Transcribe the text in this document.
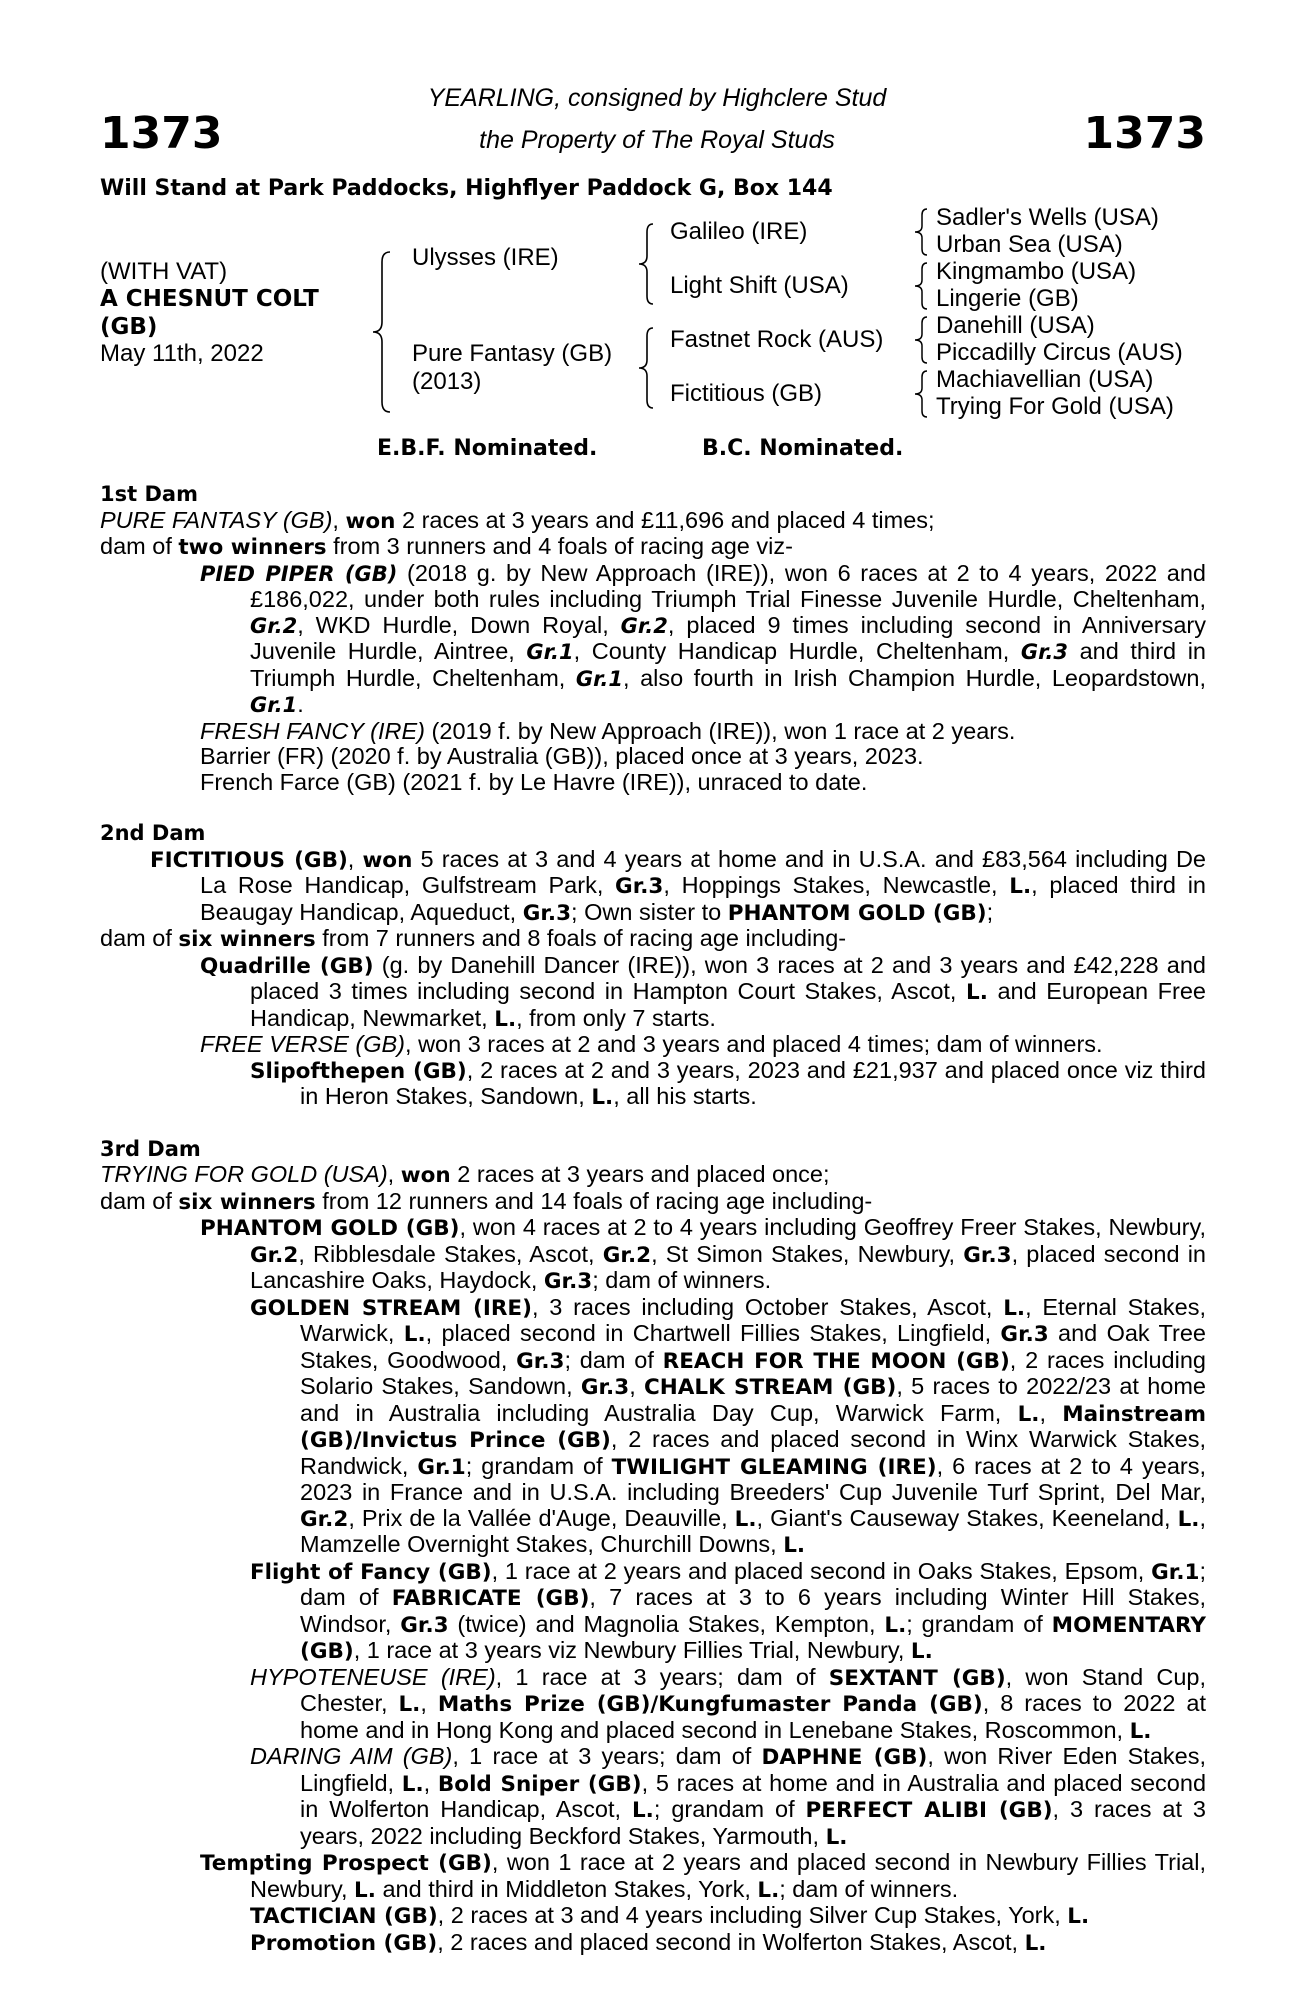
1373	1373
YEARLING, consigned by Highclere Stud
the Property of The Royal Studs
Will Stand at Park Paddocks, Highflyer Paddock G, Box 144
(WITH VAT)
A CHESNUT COLT
(GB)
May 11th, 2022
Ulysses (IRE)
Pure Fantasy (GB)
(2013)
Galileo (IRE)
Light Shift (USA)
Fastnet Rock (AUS)
Fictitious (GB)
Sadler's Wells (USA)
Urban Sea (USA)
Kingmambo (USA)
Lingerie (GB)
Danehill (USA)
Piccadilly Circus (AUS)
Machiavellian (USA)
Trying For Gold (USA)
E.B.F. Nominated.	B.C. Nominated.
1st Dam

PURE FANTASY (GB), won 2 races at 3 years and £11,696 and placed 4 times;

dam of two winners from 3 runners and 4 foals of racing age viz-

PIED PIPER (GB) (2018 g. by New Approach (IRE)), won 6 races at 2 to 4 years, 2022 and £186,022, under both rules including Triumph Trial Finesse Juvenile Hurdle, Cheltenham, Gr.2, WKD Hurdle, Down Royal, Gr.2, placed 9 times including second in Anniversary Juvenile Hurdle, Aintree, Gr.1, County Handicap Hurdle, Cheltenham, Gr.3 and third in Triumph Hurdle, Cheltenham, Gr.1, also fourth in Irish Champion Hurdle, Leopardstown, Gr.1.

FRESH FANCY (IRE) (2019 f. by New Approach (IRE)), won 1 race at 2 years.

Barrier (FR) (2020 f. by Australia (GB)), placed once at 3 years, 2023.

French Farce (GB) (2021 f. by Le Havre (IRE)), unraced to date.

2nd Dam

FICTITIOUS (GB), won 5 races at 3 and 4 years at home and in U.S.A. and £83,564 including De La Rose Handicap, Gulfstream Park, Gr.3, Hoppings Stakes, Newcastle, L., placed third in Beaugay Handicap, Aqueduct, Gr.3; Own sister to PHANTOM GOLD (GB);

dam of six winners from 7 runners and 8 foals of racing age including-

Quadrille (GB) (g. by Danehill Dancer (IRE)), won 3 races at 2 and 3 years and £42,228 and placed 3 times including second in Hampton Court Stakes, Ascot, L. and European Free Handicap, Newmarket, L., from only 7 starts.

FREE VERSE (GB), won 3 races at 2 and 3 years and placed 4 times; dam of winners.

Slipofthepen (GB), 2 races at 2 and 3 years, 2023 and £21,937 and placed once viz third in Heron Stakes, Sandown, L., all his starts.

3rd Dam

TRYING FOR GOLD (USA), won 2 races at 3 years and placed once;

dam of six winners from 12 runners and 14 foals of racing age including-

PHANTOM GOLD (GB), won 4 races at 2 to 4 years including Geoffrey Freer Stakes, Newbury, Gr.2, Ribblesdale Stakes, Ascot, Gr.2, St Simon Stakes, Newbury, Gr.3, placed second in Lancashire Oaks, Haydock, Gr.3; dam of winners.

GOLDEN STREAM (IRE), 3 races including October Stakes, Ascot, L., Eternal Stakes, Warwick, L., placed second in Chartwell Fillies Stakes, Lingfield, Gr.3 and Oak Tree Stakes, Goodwood, Gr.3; dam of REACH FOR THE MOON (GB), 2 races including Solario Stakes, Sandown, Gr.3, CHALK STREAM (GB), 5 races to 2022/23 at home and in Australia including Australia Day Cup, Warwick Farm, L., Mainstream (GB)/Invictus Prince (GB), 2 races and placed second in Winx Warwick Stakes, Randwick, Gr.1; grandam of TWILIGHT GLEAMING (IRE), 6 races at 2 to 4 years, 2023 in France and in U.S.A. including Breeders' Cup Juvenile Turf Sprint, Del Mar, Gr.2, Prix de la Vallée d'Auge, Deauville, L., Giant's Causeway Stakes, Keeneland, L., Mamzelle Overnight Stakes, Churchill Downs, L.

Flight of Fancy (GB), 1 race at 2 years and placed second in Oaks Stakes, Epsom, Gr.1; dam of FABRICATE (GB), 7 races at 3 to 6 years including Winter Hill Stakes, Windsor, Gr.3 (twice) and Magnolia Stakes, Kempton, L.; grandam of MOMENTARY (GB), 1 race at 3 years viz Newbury Fillies Trial, Newbury, L.

HYPOTENEUSE (IRE), 1 race at 3 years; dam of SEXTANT (GB), won Stand Cup, Chester, L., Maths Prize (GB)/Kungfumaster Panda (GB), 8 races to 2022 at home and in Hong Kong and placed second in Lenebane Stakes, Roscommon, L.

DARING AIM (GB), 1 race at 3 years; dam of DAPHNE (GB), won River Eden Stakes, Lingfield, L., Bold Sniper (GB), 5 races at home and in Australia and placed second in Wolferton Handicap, Ascot, L.; grandam of PERFECT ALIBI (GB), 3 races at 3 years, 2022 including Beckford Stakes, Yarmouth, L.

Tempting Prospect (GB), won 1 race at 2 years and placed second in Newbury Fillies Trial, Newbury, L. and third in Middleton Stakes, York, L.; dam of winners.

TACTICIAN (GB), 2 races at 3 and 4 years including Silver Cup Stakes, York, L.

Promotion (GB), 2 races and placed second in Wolferton Stakes, Ascot, L.
